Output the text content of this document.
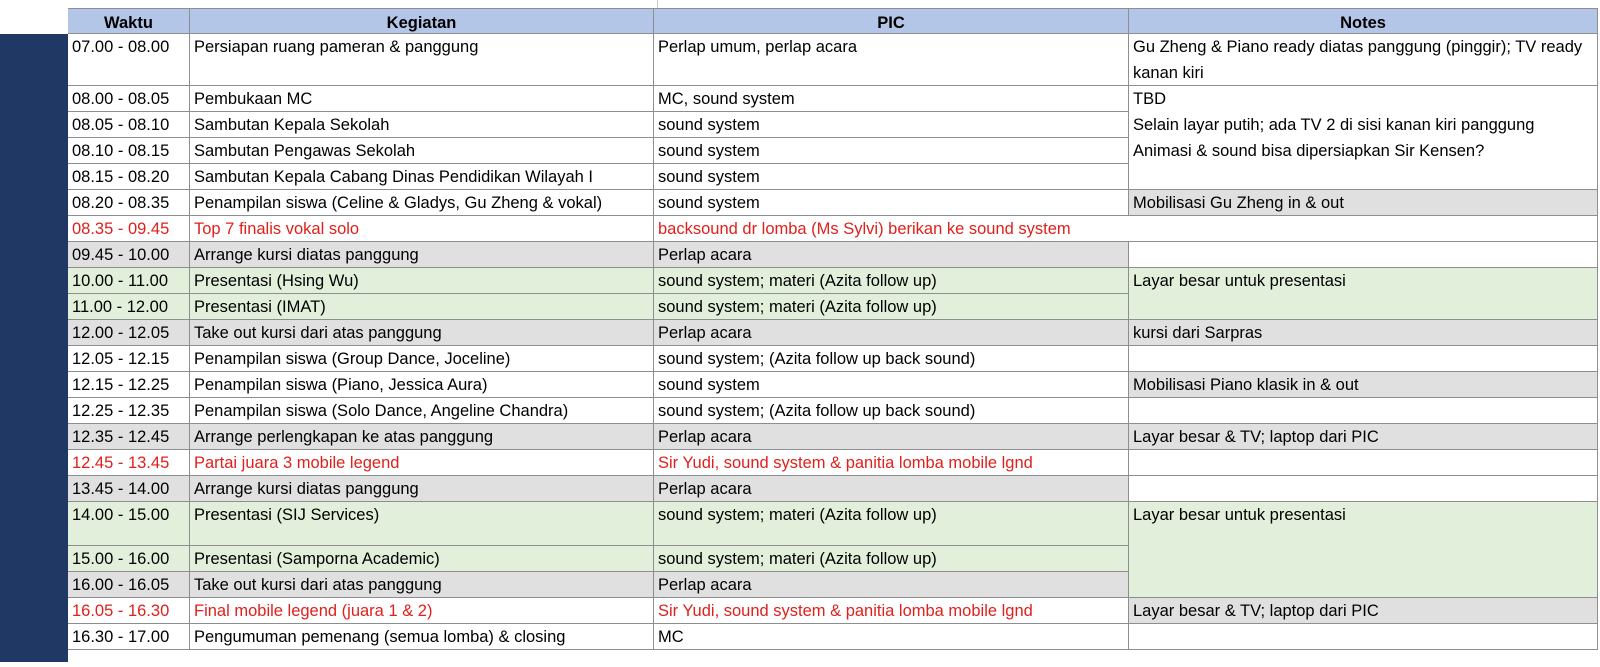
Waktu	Kegiatan	PIC	Notes
07.00 - 08.00	Persiapan ruang pameran & panggung	Perlap umum, perlap acara	Gu Zheng & Piano ready diatas panggung (pinggir); TV ready kanan kiri
08.00 - 08.05	Pembukaan MC	MC, sound system	TBD
08.05 - 08.10	Sambutan Kepala Sekolah	sound system	Selain layar putih; ada TV 2 di sisi kanan kiri panggung
08.10 - 08.15	Sambutan Pengawas Sekolah	sound system	Animasi & sound bisa dipersiapkan Sir Kensen?
08.15 - 08.20	Sambutan Kepala Cabang Dinas Pendidikan Wilayah I	sound system
08.20 - 08.35	Penampilan siswa (Celine & Gladys, Gu Zheng & vokal)	sound system	Mobilisasi Gu Zheng in & out
08.35 - 09.45	Top 7 finalis vokal solo	backsound dr lomba (Ms Sylvi) berikan ke sound system
09.45 - 10.00	Arrange kursi diatas panggung	Perlap acara
10.00 - 11.00	Presentasi (Hsing Wu)	sound system; materi (Azita follow up)	Layar besar untuk presentasi
11.00 - 12.00	Presentasi (IMAT)	sound system; materi (Azita follow up)
12.00 - 12.05	Take out kursi dari atas panggung	Perlap acara	kursi dari Sarpras
12.05 - 12.15	Penampilan siswa (Group Dance, Joceline)	sound system; (Azita follow up back sound)
12.15 - 12.25	Penampilan siswa (Piano, Jessica Aura)	sound system	Mobilisasi Piano klasik in & out
12.25 - 12.35	Penampilan siswa (Solo Dance, Angeline Chandra)	sound system; (Azita follow up back sound)
12.35 - 12.45	Arrange perlengkapan ke atas panggung	Perlap acara	Layar besar & TV; laptop dari PIC
12.45 - 13.45	Partai juara 3 mobile legend	Sir Yudi, sound system & panitia lomba mobile lgnd
13.45 - 14.00	Arrange kursi diatas panggung	Perlap acara
14.00 - 15.00	Presentasi (SIJ Services)	sound system; materi (Azita follow up)	Layar besar untuk presentasi
15.00 - 16.00	Presentasi (Samporna Academic)	sound system; materi (Azita follow up)
16.00 - 16.05	Take out kursi dari atas panggung	Perlap acara
16.05 - 16.30	Final mobile legend (juara 1 & 2)	Sir Yudi, sound system & panitia lomba mobile lgnd	Layar besar & TV; laptop dari PIC
16.30 - 17.00	Pengumuman pemenang (semua lomba) & closing	MC
